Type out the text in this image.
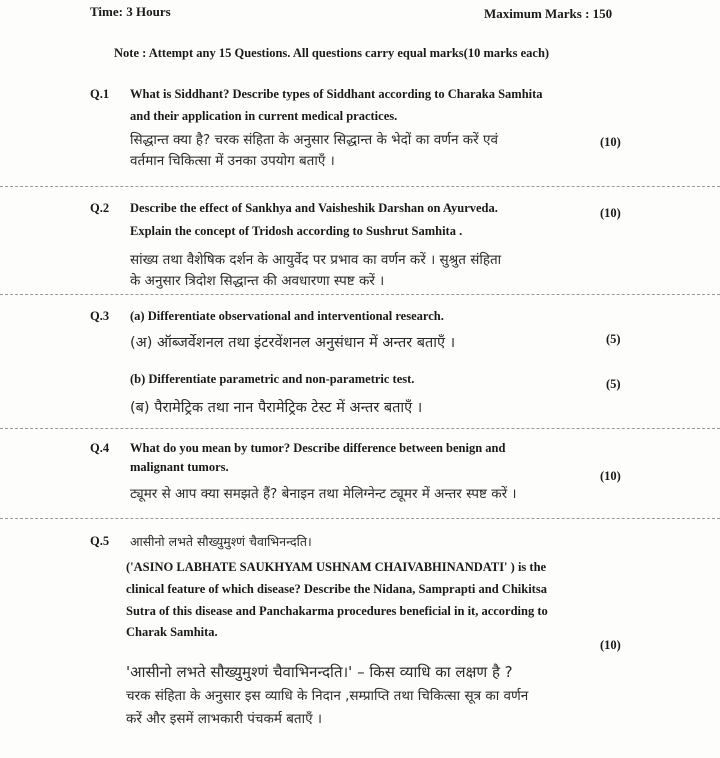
Time: 3 Hours	Maximum Marks : 150
Note : Attempt any 15 Questions. All questions carry equal marks(10 marks each)
Q.1 What is Siddhant? Describe types of Siddhant according to Charaka Samhita
and their application in current medical practices.
सिद्धान्त क्या है? चरक संहिता के अनुसार सिद्धान्त के भेदों का वर्णन करें एवं
वर्तमान चिकित्सा में उनका उपयोग बताएँ ।
(10)
Q.2 Describe the effect of Sankhya and Vaisheshik Darshan on Ayurveda.
Explain the concept of Tridosh according to Sushrut Samhita .
सांख्य तथा वैशेषिक दर्शन के आयुर्वेद पर प्रभाव का वर्णन करें । सुश्रुत संहिता
के अनुसार त्रिदोश सिद्धान्त की अवधारणा स्पष्ट करें ।
(10)
Q.3 (a) Differentiate observational and interventional research.
(अ) ऑब्जर्वेशनल तथा इंटरवेंशनल अनुसंधान में अन्तर बताएँ ।	(5)
(b) Differentiate parametric and non-parametric test.
(ब) पैरामेट्रिक तथा नान पैरामेट्रिक टेस्ट में अन्तर बताएँ ।
(5)
Q.4 What do you mean by tumor? Describe difference between benign and
malignant tumors.
ट्यूमर से आप क्या समझते हैं? बेनाइन तथा मेलिग्नेन्ट ट्यूमर में अन्तर स्पष्ट करें ।
(10)
Q.5 आसीनो लभते सौख्युमुश्णं चैवाभिनन्दति।
('ASINO LABHATE SAUKHYAM USHNAM CHAIVABHINANDATI' ) is the
clinical feature of which disease? Describe the Nidana, Samprapti and Chikitsa
Sutra of this disease and Panchakarma procedures beneficial in it, according to
Charak Samhita.
(10)
'आसीनो लभते सौख्युमुश्णं चैवाभिनन्दति।' – किस व्याधि का लक्षण है ?
चरक संहिता के अनुसार इस व्याधि के निदान ,सम्प्राप्ति तथा चिकित्सा सूत्र का वर्णन
करें और इसमें लाभकारी पंचकर्म बताएँ ।
